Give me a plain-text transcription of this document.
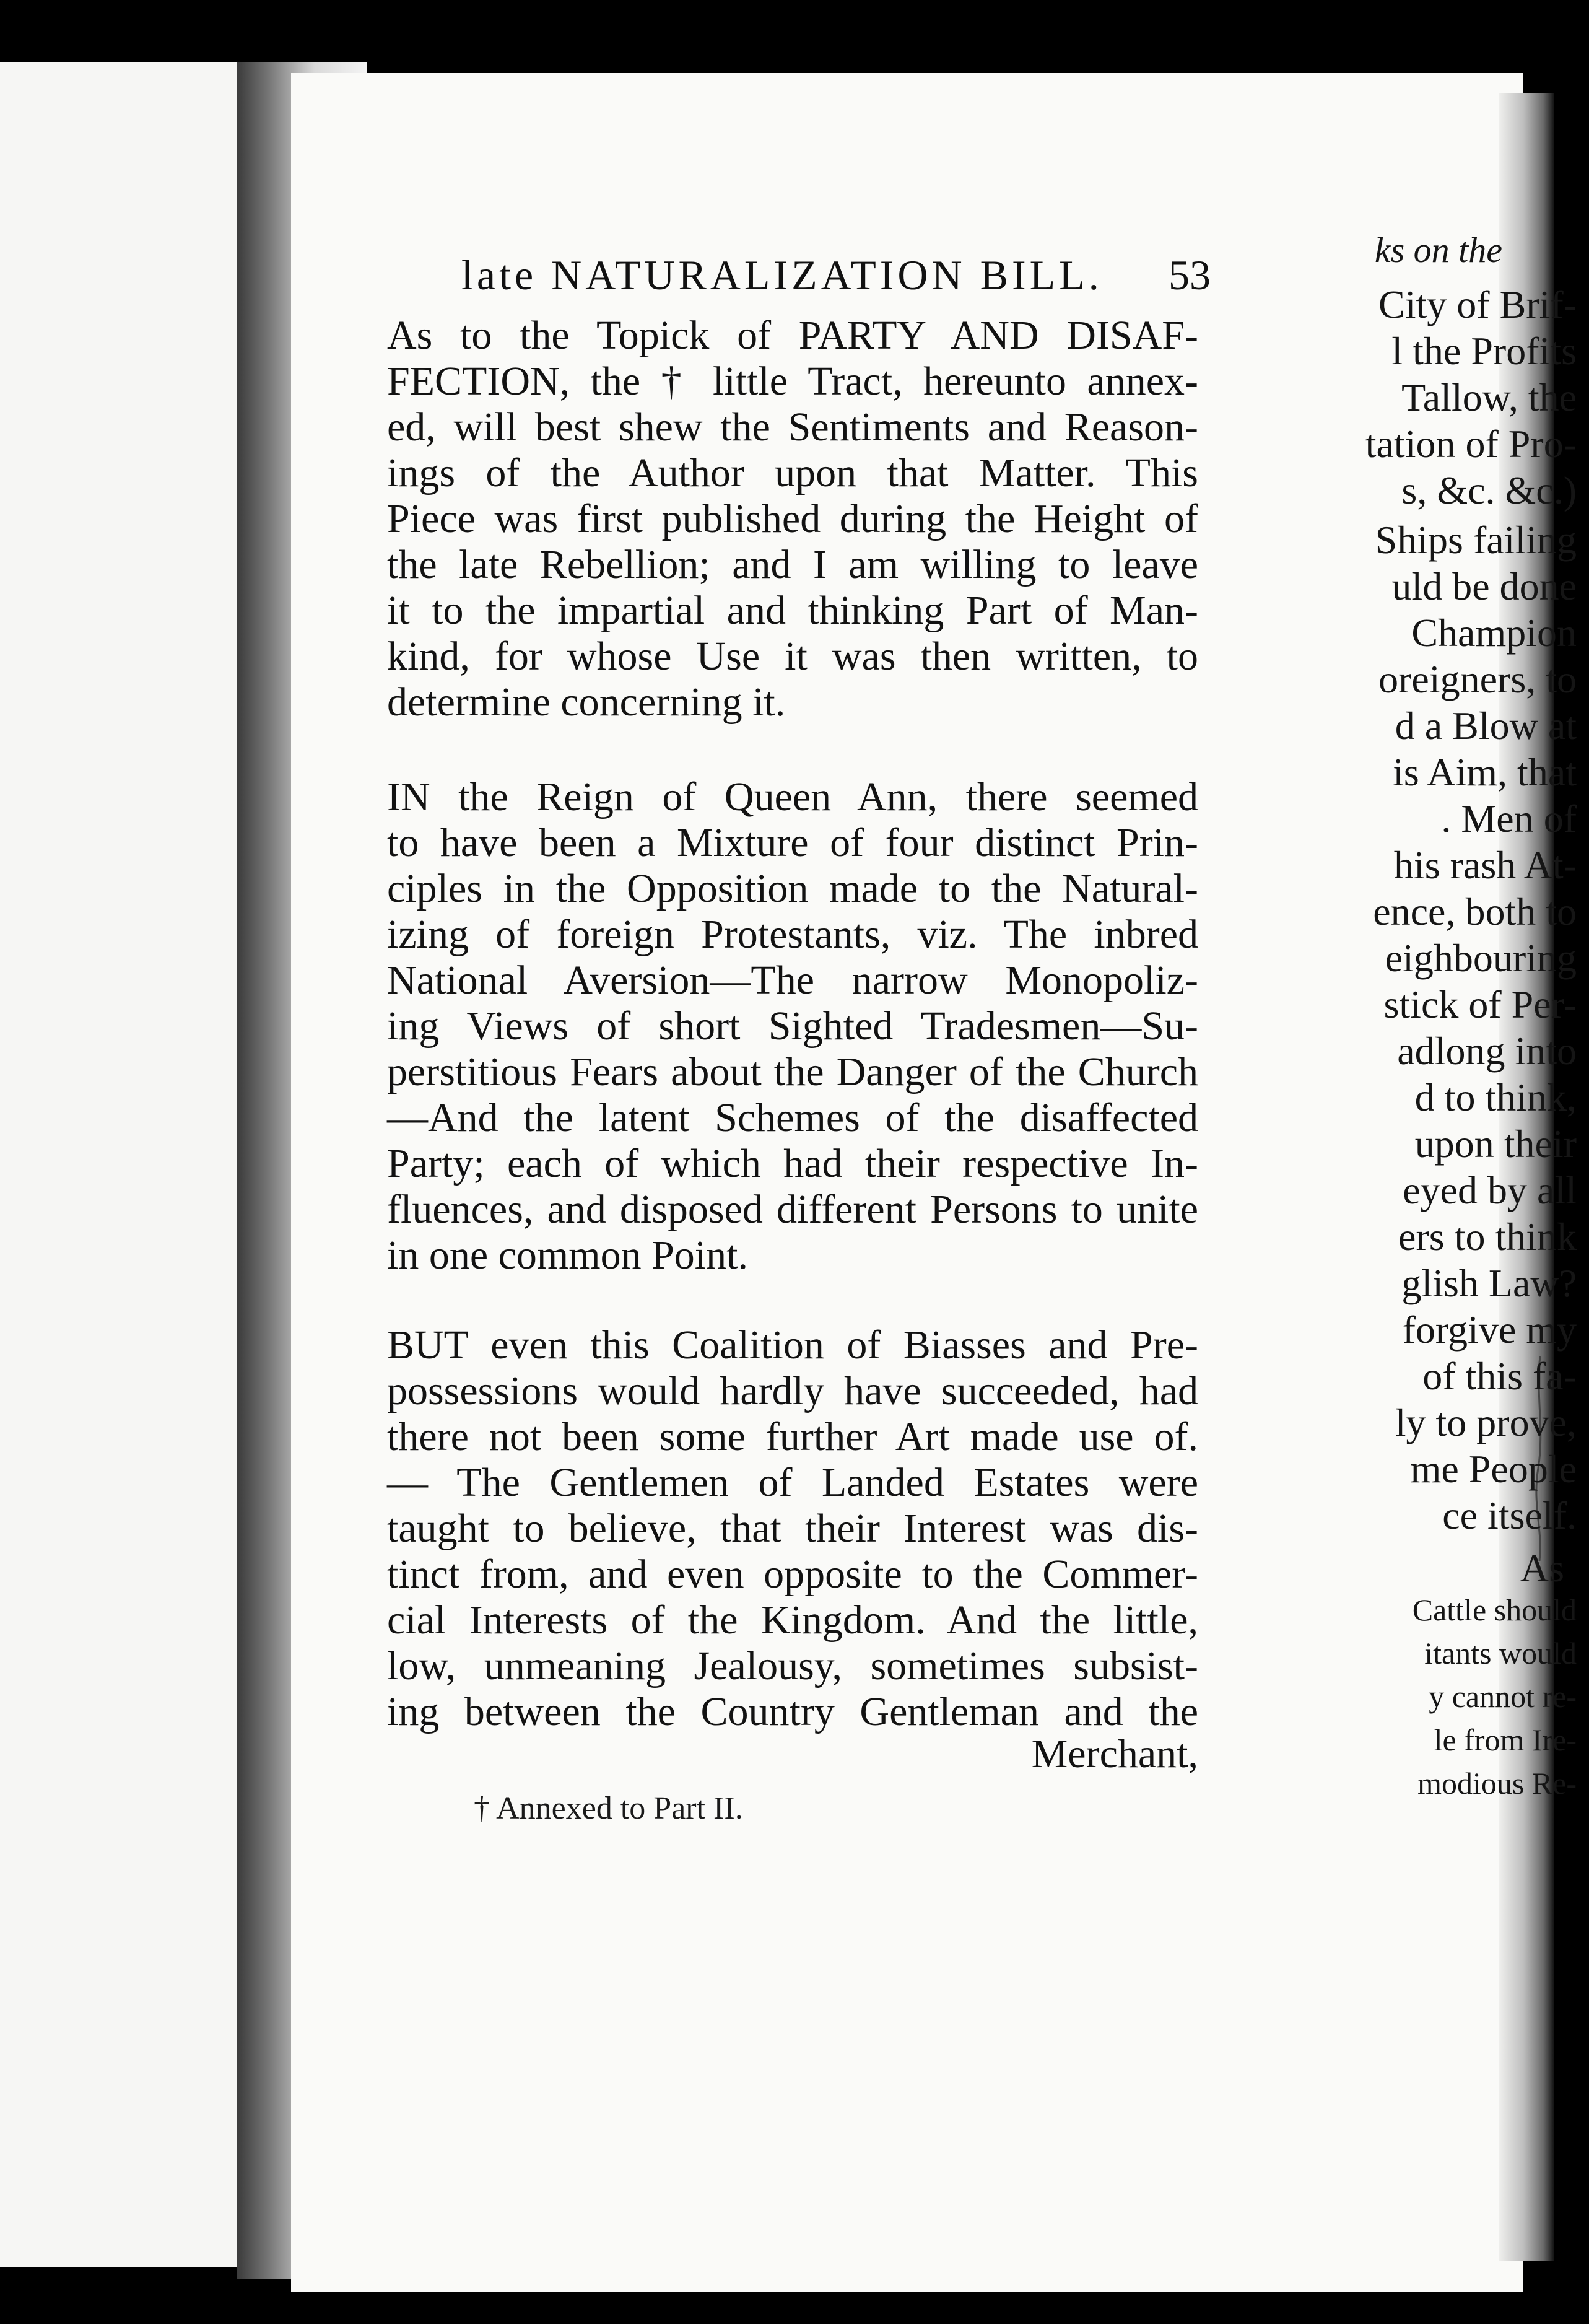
ks on the
City of Brif-
l the Profits
Tallow, the
tation of Pro-
s, &c. &c.)
Ships failing
uld be done
Champion
oreigners, to
d a Blow at
is Aim, that
. Men of
his rash At-
ence, both to
eighbouring
stick of Per-
adlong into
d to think,
upon their
eyed by all
ers to think
glish Law?
forgive my
of this fa-
ly to prove,
me People
ce itself.
As
Cattle should
itants would
y cannot re-
le from Ire-
modious Re-
late NATURALIZATION BILL. 53
As to the Topick of PARTY AND DISAF-
FECTION, the † little Tract, hereunto annex-
ed, will best shew the Sentiments and Reason-
ings of the Author upon that Matter. This
Piece was first published during the Height of
the late Rebellion; and I am willing to leave
it to the impartial and thinking Part of Man-
kind, for whose Use it was then written, to
determine concerning it.
IN the Reign of Queen Ann, there seemed
to have been a Mixture of four distinct Prin-
ciples in the Opposition made to the Natural-
izing of foreign Protestants, viz. The inbred
National Aversion—The narrow Monopoliz-
ing Views of short Sighted Tradesmen—Su-
perstitious Fears about the Danger of the Church
—And the latent Schemes of the disaffected
Party; each of which had their respective In-
fluences, and disposed different Persons to unite
in one common Point.
BUT even this Coalition of Biasses and Pre-
possessions would hardly have succeeded, had
there not been some further Art made use of.
— The Gentlemen of Landed Estates were
taught to believe, that their Interest was dis-
tinct from, and even opposite to the Commer-
cial Interests of the Kingdom. And the little,
low, unmeaning Jealousy, sometimes subsist-
ing between the Country Gentleman and the
Merchant,
† Annexed to Part II.
